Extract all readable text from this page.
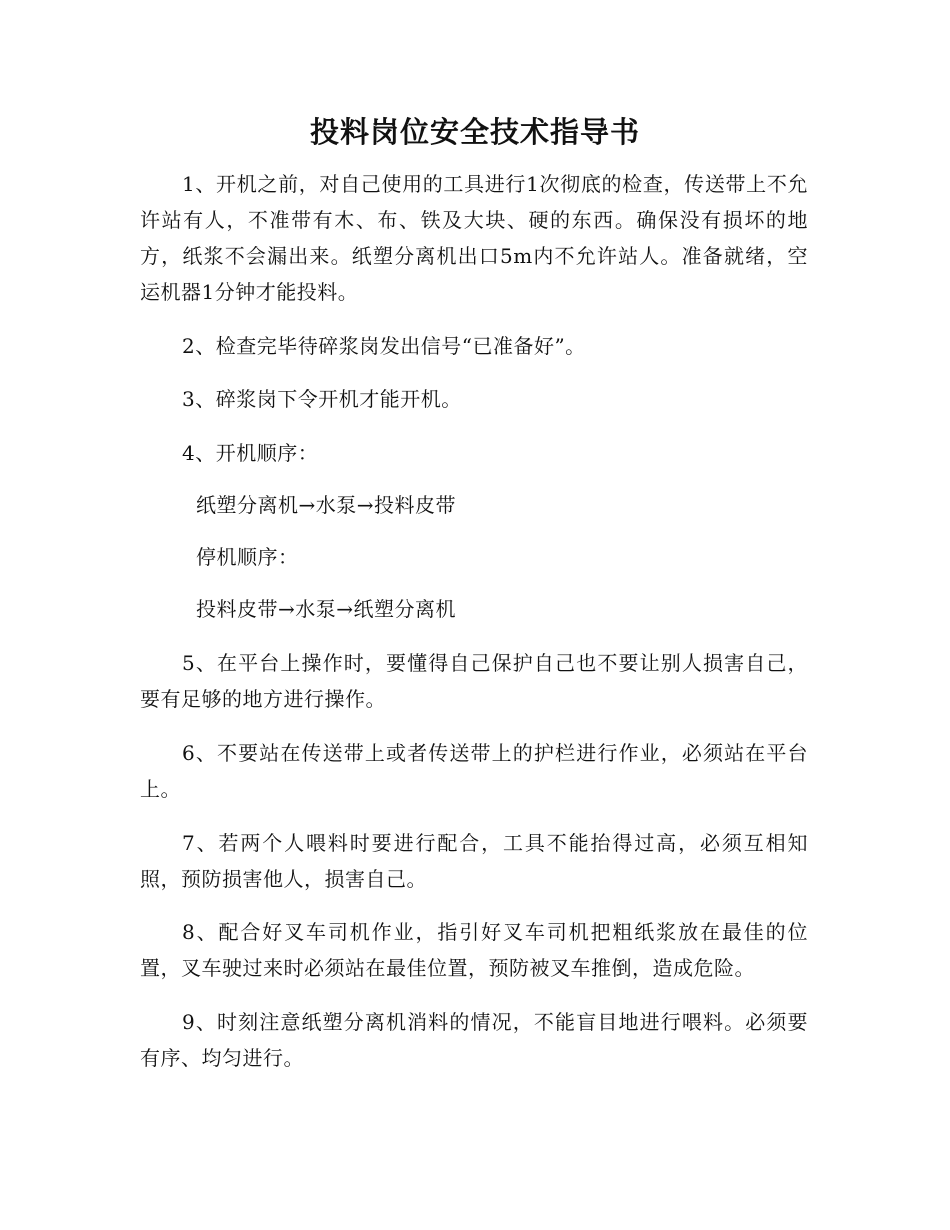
投料岗位安全技术指导书

1、开机之前，对自己使用的工具进行1次彻底的检查，传送带上不允许站有人，不准带有木、布、铁及大块、硬的东西。确保没有损坏的地方，纸浆不会漏出来。纸塑分离机出口5m内不允许站人。准备就绪，空运机器1分钟才能投料。

2、检查完毕待碎浆岗发出信号“已准备好”。

3、碎浆岗下令开机才能开机。

4、开机顺序：

纸塑分离机→水泵→投料皮带

停机顺序：

投料皮带→水泵→纸塑分离机

5、在平台上操作时，要懂得自己保护自己也不要让别人损害自己，要有足够的地方进行操作。

6、不要站在传送带上或者传送带上的护栏进行作业，必须站在平台上。

7、若两个人喂料时要进行配合，工具不能抬得过高，必须互相知照，预防损害他人，损害自己。

8、配合好叉车司机作业，指引好叉车司机把粗纸浆放在最佳的位置，叉车驶过来时必须站在最佳位置，预防被叉车推倒，造成危险。

9、时刻注意纸塑分离机消料的情况，不能盲目地进行喂料。必须要有序、均匀进行。
